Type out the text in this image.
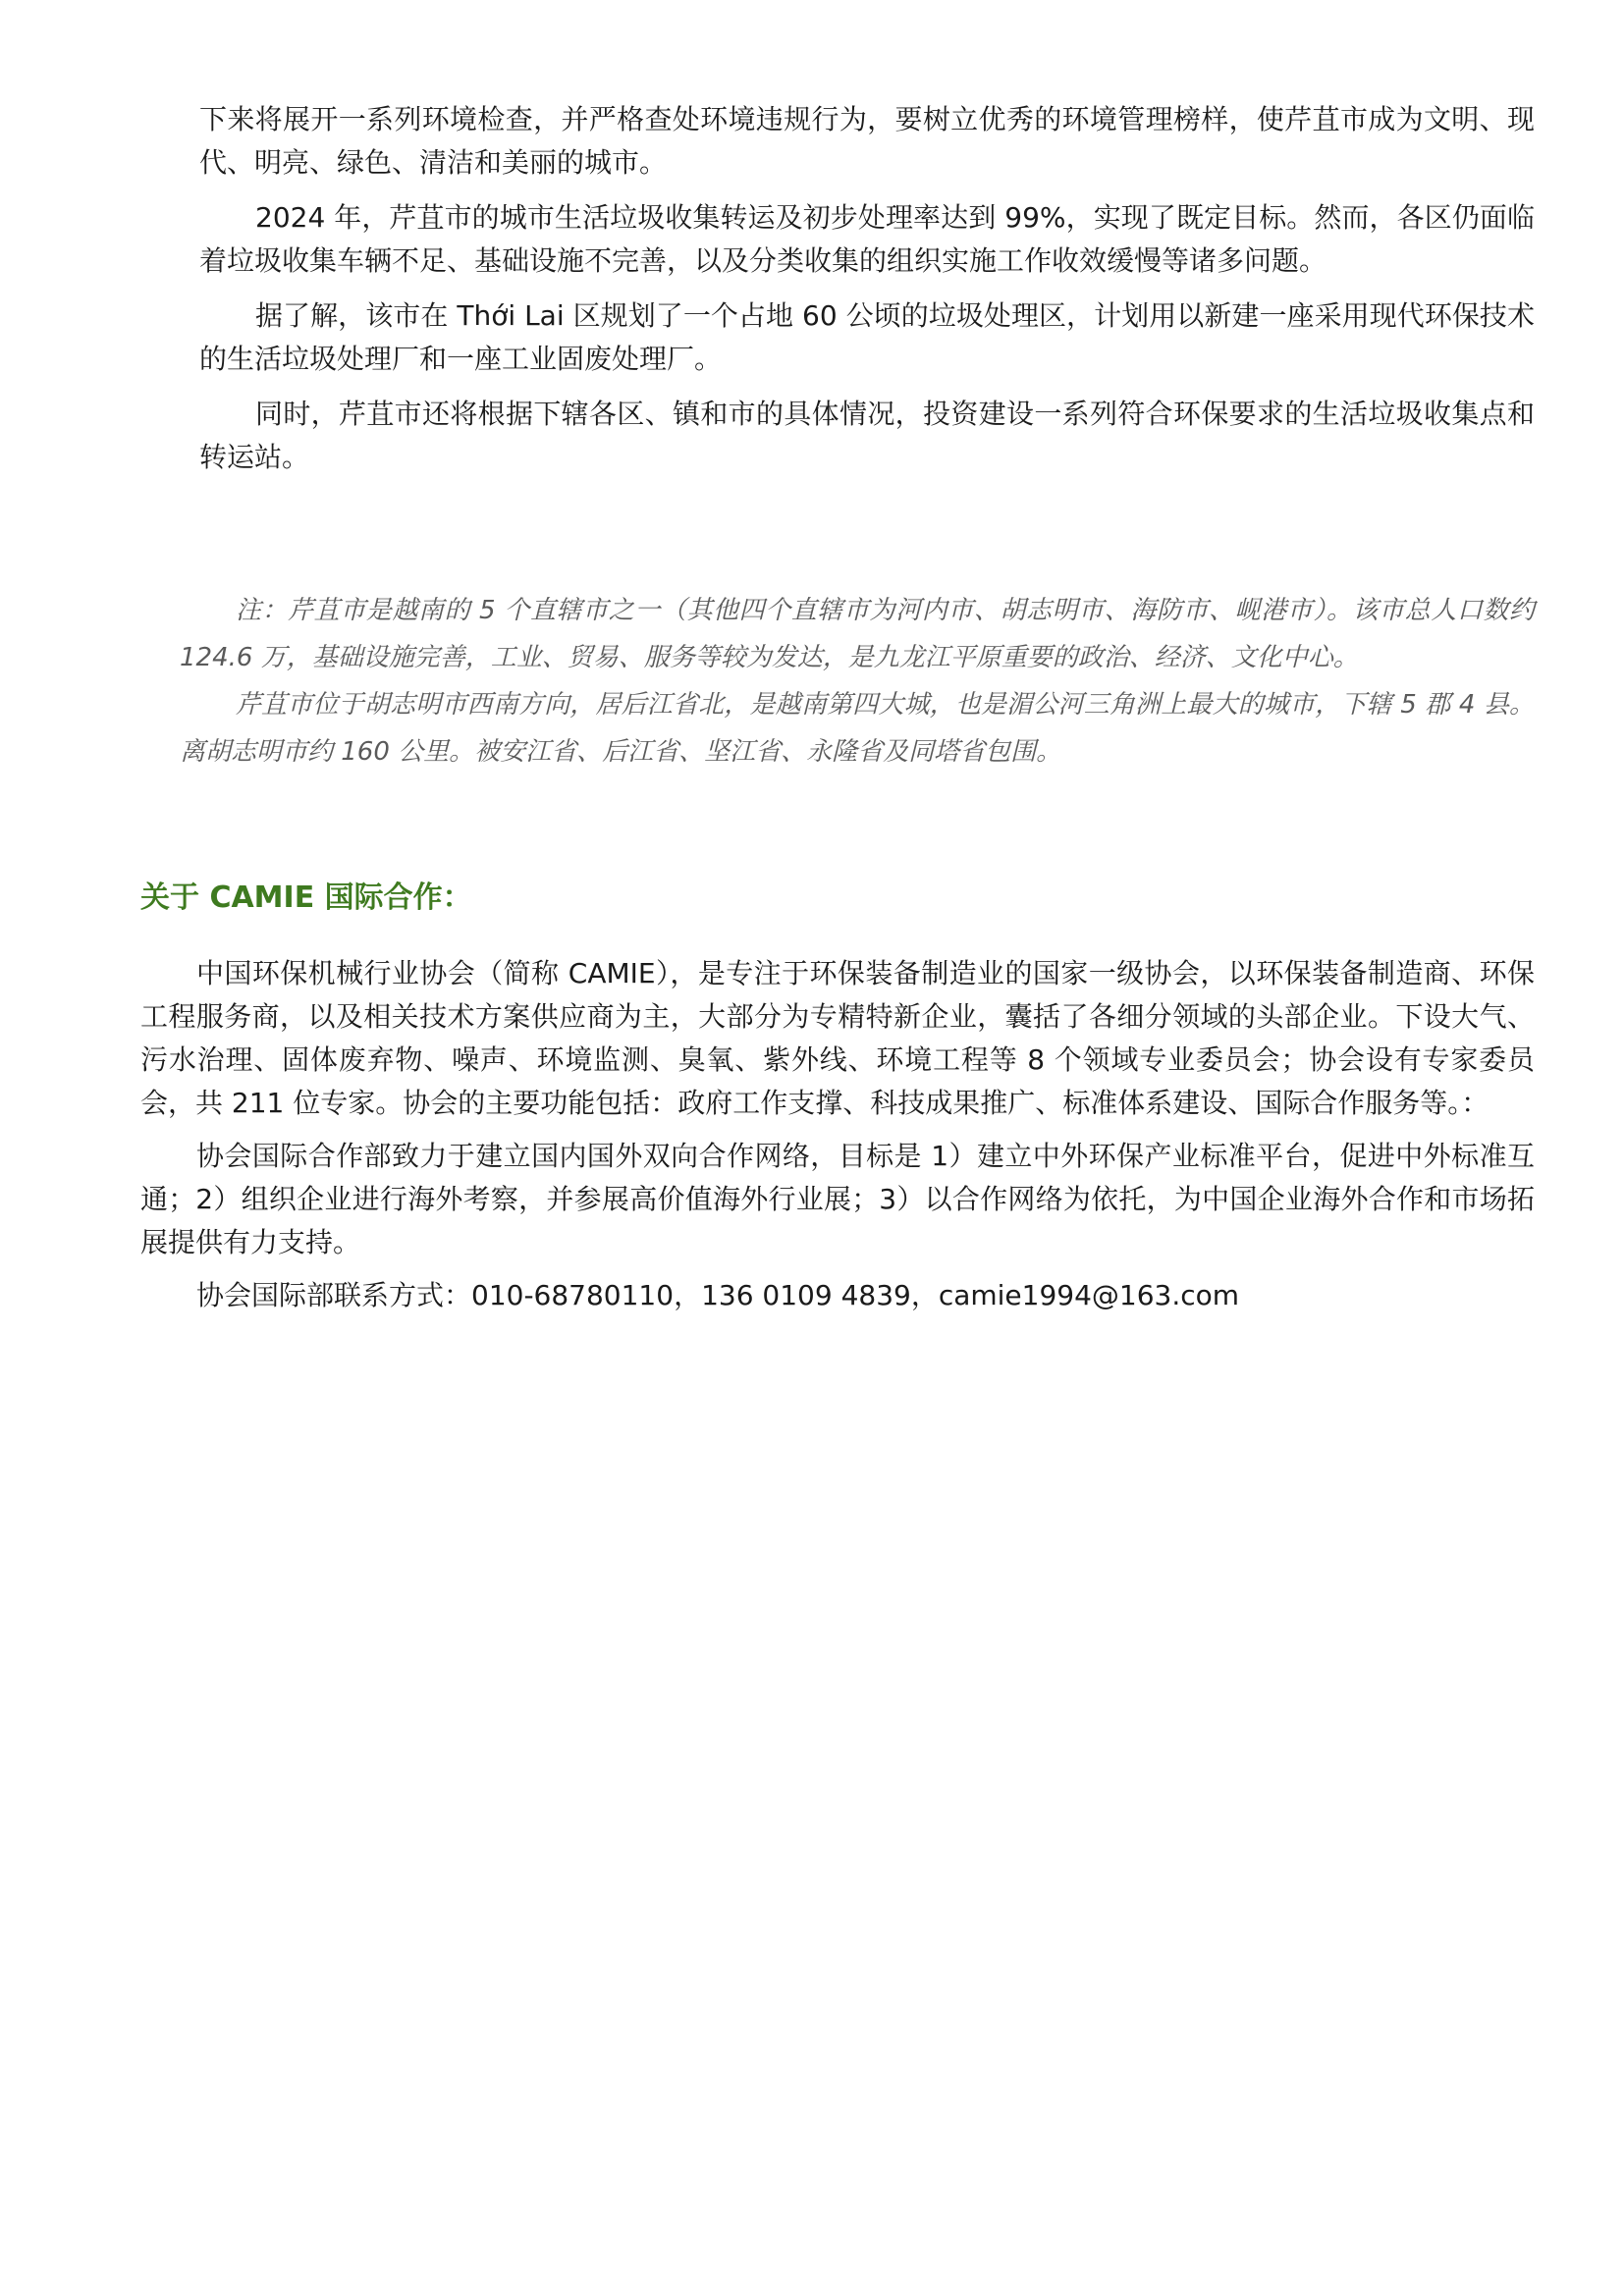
下来将展开一系列环境检查，并严格查处环境违规行为，要树立优秀的环境管理榜样，使芹苴市成为文明、现代、明亮、绿色、清洁和美丽的城市。

2024 年，芹苴市的城市生活垃圾收集转运及初步处理率达到 99%，实现了既定目标。然而，各区仍面临着垃圾收集车辆不足、基础设施不完善，以及分类收集的组织实施工作收效缓慢等诸多问题。

据了解，该市在 Thới Lai 区规划了一个占地 60 公顷的垃圾处理区，计划用以新建一座采用现代环保技术的生活垃圾处理厂和一座工业固废处理厂。

同时，芹苴市还将根据下辖各区、镇和市的具体情况，投资建设一系列符合环保要求的生活垃圾收集点和转运站。

注：芹苴市是越南的 5 个直辖市之一（其他四个直辖市为河内市、胡志明市、海防市、岘港市）。该市总人口数约 124.6 万，基础设施完善，工业、贸易、服务等较为发达，是九龙江平原重要的政治、经济、文化中心。

芹苴市位于胡志明市西南方向，居后江省北，是越南第四大城，也是湄公河三角洲上最大的城市，下辖 5 郡 4 县。离胡志明市约 160 公里。被安江省、后江省、坚江省、永隆省及同塔省包围。

关于 CAMIE 国际合作：

中国环保机械行业协会（简称 CAMIE），是专注于环保装备制造业的国家一级协会，以环保装备制造商、环保工程服务商，以及相关技术方案供应商为主，大部分为专精特新企业，囊括了各细分领域的头部企业。下设大气、污水治理、固体废弃物、噪声、环境监测、臭氧、紫外线、环境工程等 8 个领域专业委员会；协会设有专家委员会，共 211 位专家。协会的主要功能包括：政府工作支撑、科技成果推广、标准体系建设、国际合作服务等。：

协会国际合作部致力于建立国内国外双向合作网络，目标是 1）建立中外环保产业标准平台，促进中外标准互通；2）组织企业进行海外考察，并参展高价值海外行业展；3）以合作网络为依托，为中国企业海外合作和市场拓展提供有力支持。

协会国际部联系方式：010-68780110，136 0109 4839，camie1994@163.com
